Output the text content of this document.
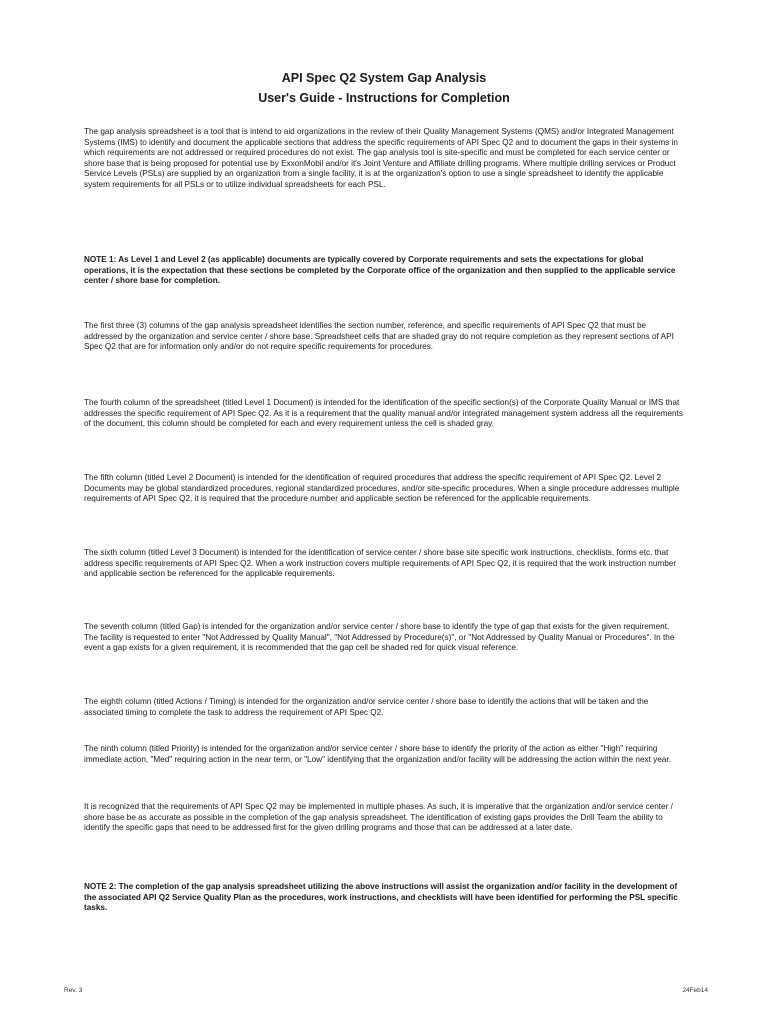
API Spec Q2 System Gap Analysis
User's Guide - Instructions for Completion
The gap analysis spreadsheet is a tool that is intend to aid organizations in the review of their Quality Management Systems (QMS) and/or Integrated Management Systems (IMS) to identify and document the applicable sections that address the specific requirements of API Spec Q2 and to document the gaps in their systems in which requirements are not addressed or required procedures do not exist. The gap analysis tool is site-specific and must be completed for each service center or shore base that is being proposed for potential use by ExxonMobil and/or it's Joint Venture and Affiliate drilling programs. Where multiple drilling services or Product Service Levels (PSLs) are supplied by an organization from a single facility, it is at the organization's option to use a single spreadsheet to identify the applicable system requirements for all PSLs or to utilize individual spreadsheets for each PSL.
NOTE 1: As Level 1 and Level 2 (as applicable) documents are typically covered by Corporate requirements and sets the expectations for global operations, it is the expectation that these sections be completed by the Corporate office of the organization and then supplied to the applicable service center / shore base for completion.
The first three (3) columns of the gap analysis spreadsheet identifies the section number, reference, and specific requirements of API Spec Q2 that must be addressed by the organization and service center / shore base. Spreadsheet cells that are shaded gray do not require completion as they represent sections of API Spec Q2 that are for information only and/or do not require specific requirements for procedures.
The fourth column of the spreadsheet (titled Level 1 Document) is intended for the identification of the specific section(s) of the Corporate Quality Manual or IMS that addresses the specific requirement of API Spec Q2. As it is a requirement that the quality manual and/or integrated management system address all the requirements of the document, this column should be completed for each and every requirement unless the cell is shaded gray.
The fifth column (titled Level 2 Document) is intended for the identification of required procedures that address the specific requirement of API Spec Q2. Level 2 Documents may be global standardized procedures, regional standardized procedures, and/or site-specific procedures. When a single procedure addresses multiple requirements of API Spec Q2, it is required that the procedure number and applicable section be referenced for the applicable requirements.
The sixth column (titled Level 3 Document) is intended for the identification of service center / shore base site specific work instructions, checklists, forms etc. that address specific requirements of API Spec Q2. When a work instruction covers multiple requirements of API Spec Q2, it is required that the work instruction number and applicable section be referenced for the applicable requirements.
The seventh column (titled Gap) is intended for the organization and/or service center / shore base to identify the type of gap that exists for the given requirement. The facility is requested to enter "Not Addressed by Quality Manual", "Not Addressed by Procedure(s)", or "Not Addressed by Quality Manual or Procedures". In the event a gap exists for a given requirement, it is recommended that the gap cell be shaded red for quick visual reference.
The eighth column (titled Actions / Timing) is intended for the organization and/or service center / shore base to identify the actions that will be taken and the associated timing to complete the task to address the requirement of API Spec Q2.
The ninth column (titled Priority) is intended for the organization and/or service center / shore base to identify the priority of the action as either "High" requiring immediate action, "Med" requiring action in the near term, or "Low" identifying that the organization and/or facility will be addressing the action within the next year.
It is recognized that the requirements of API Spec Q2 may be implemented in multiple phases. As such, it is imperative that the organization and/or service center / shore base be as accurate as possible in the completion of the gap analysis spreadsheet. The identification of existing gaps provides the Drill Team the ability to identify the specific gaps that need to be addressed first for the given drilling programs and those that can be addressed at a later date.
NOTE 2: The completion of the gap analysis spreadsheet utilizing the above instructions will assist the organization and/or facility in the development of the associated API Q2 Service Quality Plan as the procedures, work instructions, and checklists will have been identified for performing the PSL specific tasks.
Rev. 3	24Feb14
